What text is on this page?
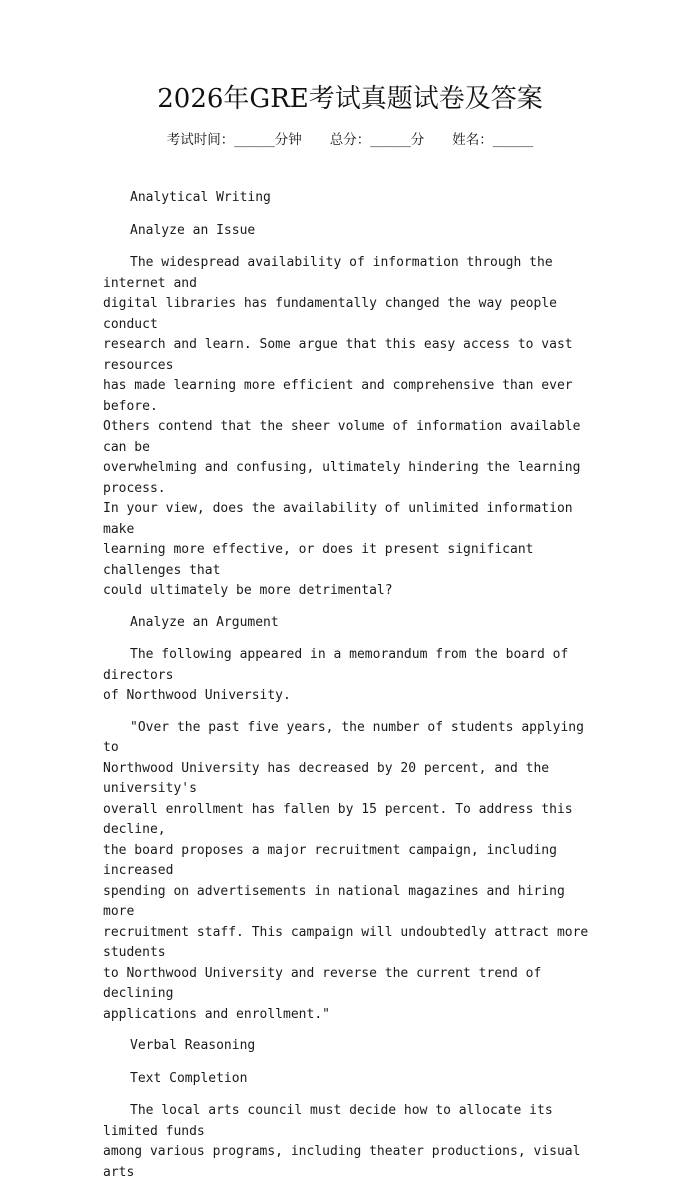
2026年GRE考试真题试卷及答案
考试时间：______分钟 总分：______分 姓名：______

Analytical Writing

Analyze an Issue

The widespread availability of information through the internet and
digital libraries has fundamentally changed the way people conduct
research and learn. Some argue that this easy access to vast resources
has made learning more efficient and comprehensive than ever before.
Others contend that the sheer volume of information available can be
overwhelming and confusing, ultimately hindering the learning process.
In your view, does the availability of unlimited information make
learning more effective, or does it present significant challenges that
could ultimately be more detrimental?

Analyze an Argument

The following appeared in a memorandum from the board of directors
of Northwood University.

"Over the past five years, the number of students applying to
Northwood University has decreased by 20 percent, and the university's
overall enrollment has fallen by 15 percent. To address this decline,
the board proposes a major recruitment campaign, including increased
spending on advertisements in national magazines and hiring more
recruitment staff. This campaign will undoubtedly attract more students
to Northwood University and reverse the current trend of declining
applications and enrollment."

Verbal Reasoning

Text Completion

The local arts council must decide how to allocate its limited funds
among various programs, including theater productions, visual arts
